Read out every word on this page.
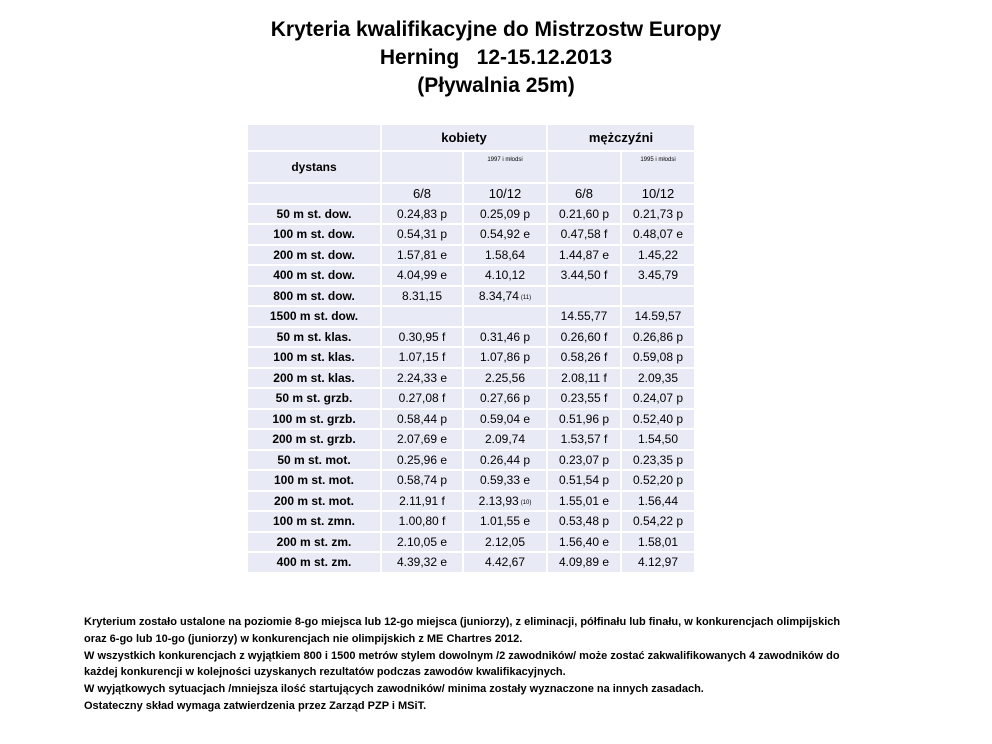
Kryteria kwalifikacyjne do Mistrzostw Europy
Herning   12-15.12.2013
(Pływalnia 25m)
	kobiety		mężczyźni	
dystans		1997 i młodsi		1995 i młodsi
	6/8	10/12	6/8	10/12
50 m st. dow.	0.24,83 p	0.25,09 p	0.21,60 p	0.21,73 p
100 m st. dow.	0.54,31 p	0.54,92 e	0.47,58 f	0.48,07 e
200 m st. dow.	1.57,81 e	1.58,64	1.44,87 e	1.45,22
400 m st. dow.	4.04,99 e	4.10,12	3.44,50 f	3.45,79
800 m st. dow.	8.31,15	8.34,74 (11)		
1500 m st. dow.			14.55,77	14.59,57
50 m st. klas.	0.30,95 f	0.31,46 p	0.26,60 f	0.26,86 p
100 m st. klas.	1.07,15 f	1.07,86 p	0.58,26 f	0.59,08 p
200 m st. klas.	2.24,33 e	2.25,56	2.08,11 f	2.09,35
50 m st. grzb.	0.27,08 f	0.27,66 p	0.23,55 f	0.24,07 p
100 m st. grzb.	0.58,44 p	0.59,04 e	0.51,96 p	0.52,40 p
200 m st. grzb.	2.07,69 e	2.09,74	1.53,57 f	1.54,50
50 m st. mot.	0.25,96 e	0.26,44 p	0.23,07 p	0.23,35 p
100 m st. mot.	0.58,74 p	0.59,33 e	0.51,54 p	0.52,20 p
200 m st. mot.	2.11,91 f	2.13,93 (10)	1.55,01 e	1.56,44
100 m st. zmn.	1.00,80 f	1.01,55 e	0.53,48 p	0.54,22 p
200 m st. zm.	2.10,05 e	2.12,05	1.56,40 e	1.58,01
400 m st. zm.	4.39,32 e	4.42,67	4.09,89 e	4.12,97
Kryterium zostało ustalone na poziomie 8-go miejsca lub 12-go miejsca (juniorzy), z eliminacji, półfinału lub finału, w konkurencjach olimpijskich
oraz 6-go lub 10-go (juniorzy) w konkurencjach nie olimpijskich z ME Chartres 2012.
W wszystkich konkurencjach z wyjątkiem 800 i 1500 metrów stylem dowolnym /2 zawodników/ może zostać zakwalifikowanych 4 zawodników do
każdej konkurencji w kolejności uzyskanych rezultatów podczas zawodów kwalifikacyjnych.
W wyjątkowych sytuacjach /mniejsza ilość startujących zawodników/ minima zostały wyznaczone na innych zasadach.
Ostateczny skład wymaga zatwierdzenia przez Zarząd PZP i MSiT.
